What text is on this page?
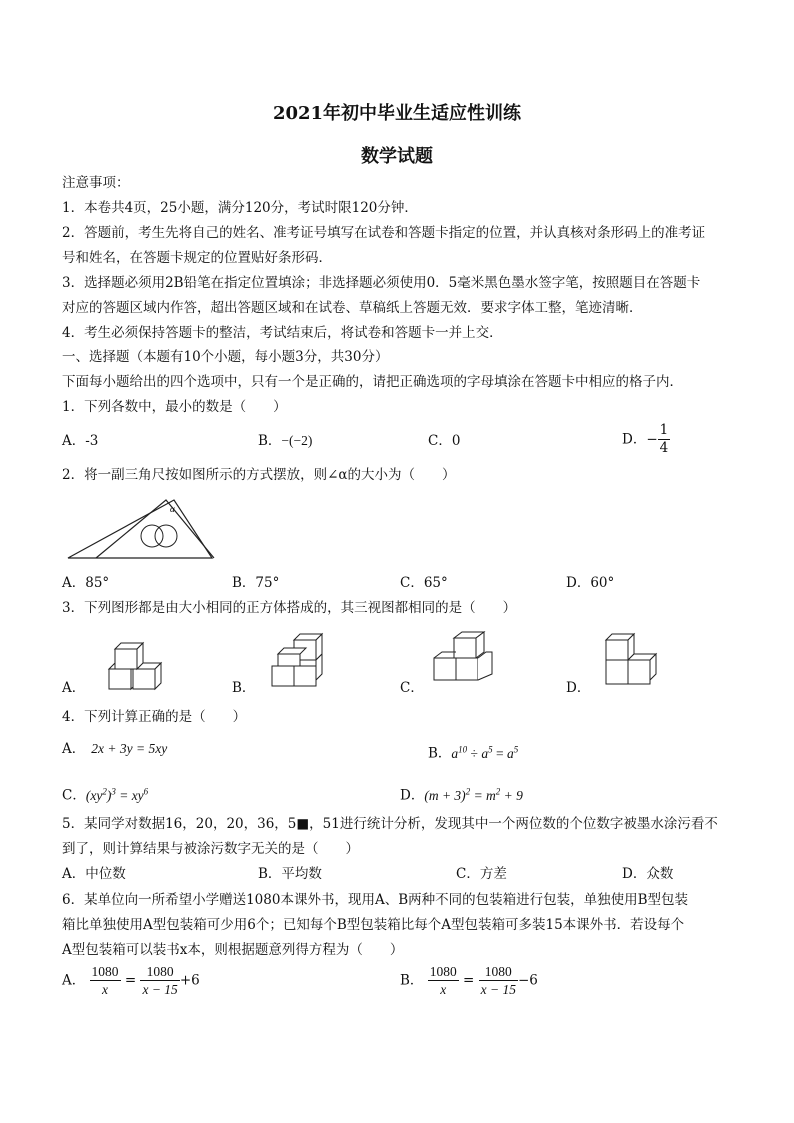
2021年初中毕业生适应性训练
数学试题
注意事项：
1．本卷共4页，25小题，满分120分，考试时限120分钟．
2．答题前，考生先将自己的姓名、准考证号填写在试卷和答题卡指定的位置，并认真核对条形码上的准考证
号和姓名，在答题卡规定的位置贴好条形码．
3．选择题必须用2B铅笔在指定位置填涂；非选择题必须使用0．5毫米黑色墨水签字笔，按照题目在答题卡
对应的答题区域内作答，超出答题区域和在试卷、草稿纸上答题无效．要求字体工整，笔迹清晰．
4．考生必须保持答题卡的整洁，考试结束后，将试卷和答题卡一并上交．
一、选择题（本题有10个小题，每小题3分，共30分）
下面每小题给出的四个选项中，只有一个是正确的，请把正确选项的字母填涂在答题卡中相应的格子内．
1．下列各数中，最小的数是（　　）
A．-3	B．−(−2)	C．0	D．− $\frac{1}{4}$
2．将一副三角尺按如图所示的方式摆放，则∠α的大小为（　　）
α
A．85°	B．75°	C．65°	D．60°
3．下列图形都是由大小相同的正方体搭成的，其三视图都相同的是（　　）
A．	B．	C．	D．
4．下列计算正确的是（　　）
A． 2x + 3y = 5xy	B．$a^{10} \div a^5 = a^5$
C．$(xy^2)^3 = xy^6$	D．$(m + 3)^2 = m^2 + 9$
5．某同学对数据16，20，20，36，5■，51进行统计分析，发现其中一个两位数的个位数字被墨水涂污看不
到了，则计算结果与被涂污数字无关的是（　　）
A．中位数	B．平均数	C．方差	D．众数
6．某单位向一所希望小学赠送1080本课外书，现用A、B两种不同的包装箱进行包装，单独使用B型包装
箱比单独使用A型包装箱可少用6个；已知每个B型包装箱比每个A型包装箱可多装15本课外书．若设每个
A型包装箱可以装书x本，则根据题意列得方程为（　　）
A． $\frac{1080}{x} = \frac{1080}{x - 15} +6$	B． $\frac{1080}{x} = \frac{1080}{x - 15} -6$
